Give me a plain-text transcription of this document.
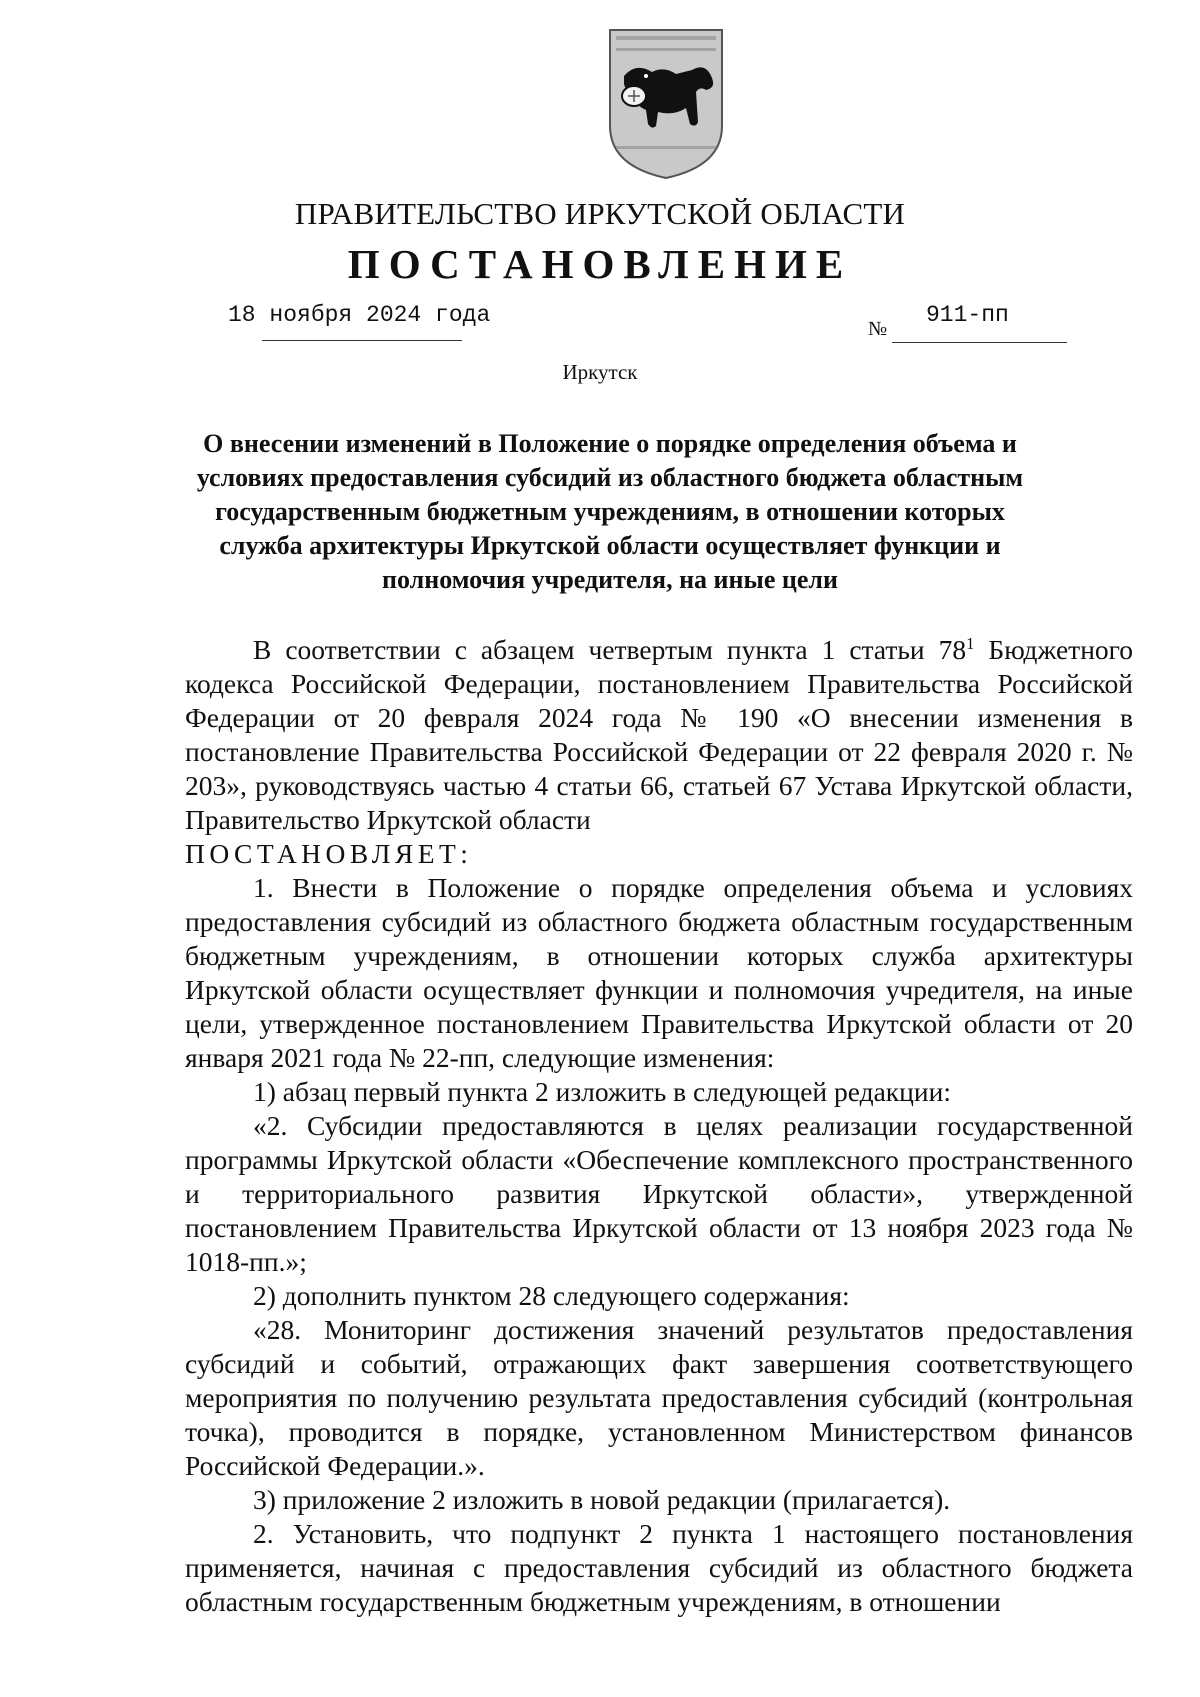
ПРАВИТЕЛЬСТВО ИРКУТСКОЙ ОБЛАСТИ
ПОСТАНОВЛЕНИЕ
18 ноября 2024 года
№
911-пп
Иркутск
О внесении изменений в Положение о порядке определения объема и
условиях предоставления субсидий из областного бюджета областным
государственным бюджетным учреждениям, в отношении которых
служба архитектуры Иркутской области осуществляет функции и
полномочия учредителя, на иные цели

В соответствии с абзацем четвертым пункта 1 статьи $78^1$ Бюджетного кодекса Российской Федерации, постановлением Правительства Российской Федерации от 20 февраля 2024 года № 190 «О внесении изменения в постановление Правительства Российской Федерации от 22 февраля 2020 г. № 203», руководствуясь частью 4 статьи 66, статьей 67 Устава Иркутской области, Правительство Иркутской области

ПОСТАНОВЛЯЕТ:

1. Внести в Положение о порядке определения объема и условиях предоставления субсидий из областного бюджета областным государственным бюджетным учреждениям, в отношении которых служба архитектуры Иркутской области осуществляет функции и полномочия учредителя, на иные цели, утвержденное постановлением Правительства Иркутской области от 20 января 2021 года № 22-пп, следующие изменения:

1) абзац первый пункта 2 изложить в следующей редакции:

«2. Субсидии предоставляются в целях реализации государственной программы Иркутской области «Обеспечение комплексного пространственного и территориального развития Иркутской области», утвержденной постановлением Правительства Иркутской области от 13 ноября 2023 года № 1018-пп.»;

2) дополнить пунктом 28 следующего содержания:

«28. Мониторинг достижения значений результатов предоставления субсидий и событий, отражающих факт завершения соответствующего мероприятия по получению результата предоставления субсидий (контрольная точка), проводится в порядке, установленном Министерством финансов Российской Федерации.».

3) приложение 2 изложить в новой редакции (прилагается).

2. Установить, что подпункт 2 пункта 1 настоящего постановления применяется, начиная с предоставления субсидий из областного бюджета областным государственным бюджетным учреждениям, в отношении
